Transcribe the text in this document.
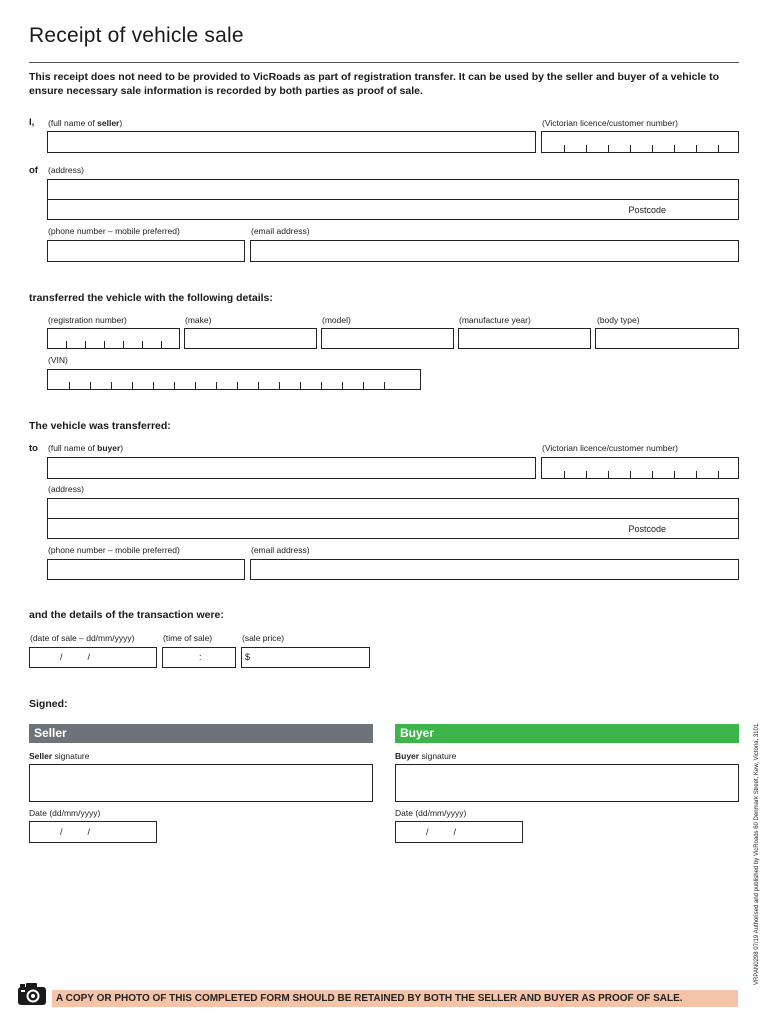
Receipt of vehicle sale
This receipt does not need to be provided to VicRoads as part of registration transfer. It can be used by the seller and buyer of a vehicle to ensure necessary sale information is recorded by both parties as proof of sale.
I, (full name of seller)	(Victorian licence/customer number)
of (address)
Postcode
(phone number – mobile preferred)	(email address)
transferred the vehicle with the following details:
(registration number)	(make)	(model)	(manufacture year)	(body type)
(VIN)
The vehicle was transferred:
to (full name of buyer)	(Victorian licence/customer number)
(address)
Postcode
(phone number – mobile preferred)	(email address)
and the details of the transaction were:
(date of sale – dd/mm/yyyy)	(time of sale)	(sale price)
/          /	:	$
Signed:
Seller	Buyer
Seller signature	Buyer signature
Date (dd/mm/yyyy)	Date (dd/mm/yyyy)
/          /	/          /	VRPAN0298 07/19 Authorised and published by VicRoads 60 Denmark Street, Kew, Victoria, 3101.
A COPY OR PHOTO OF THIS COMPLETED FORM SHOULD BE RETAINED BY BOTH THE SELLER AND BUYER AS PROOF OF SALE.
